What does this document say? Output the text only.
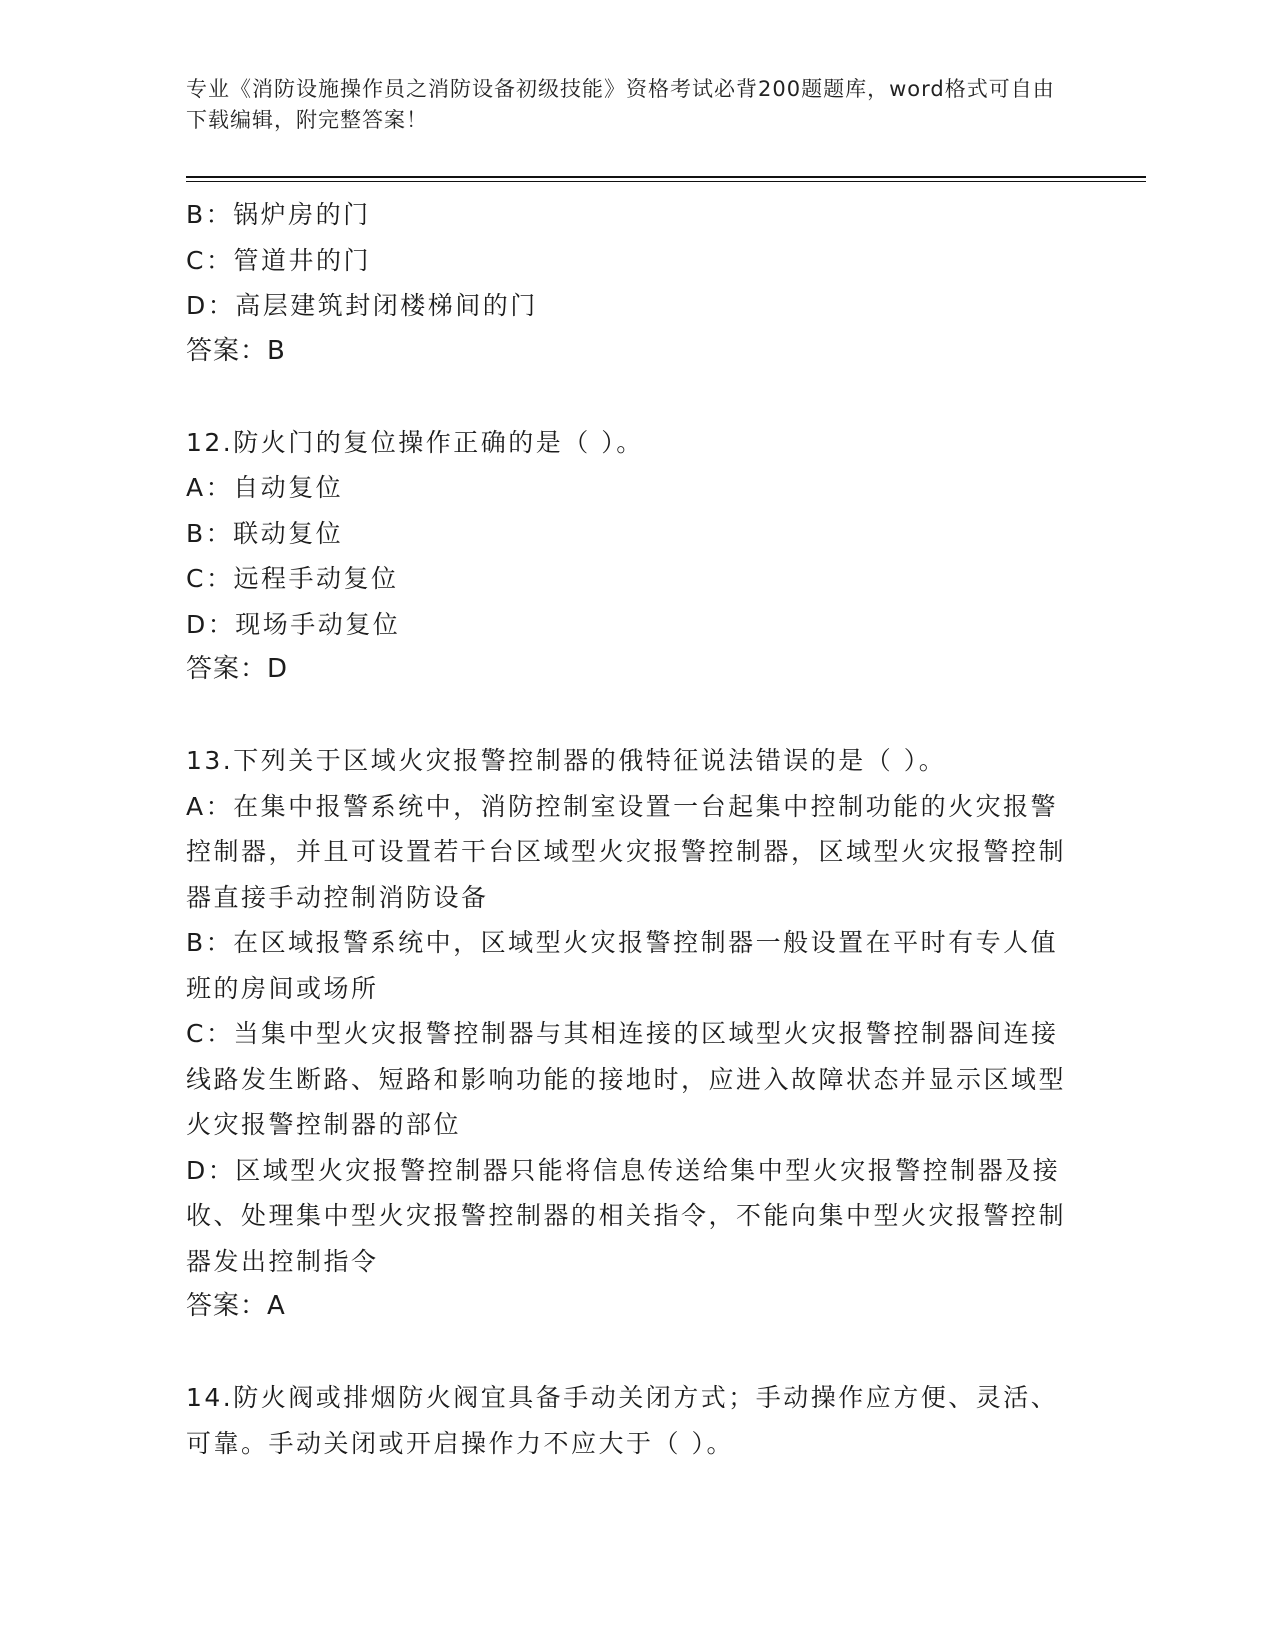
专业《消防设施操作员之消防设备初级技能》资格考试必背200题题库，word格式可自由下载编辑，附完整答案！
B：锅炉房的门
C：管道井的门
D：高层建筑封闭楼梯间的门
答案：B
12.防火门的复位操作正确的是（ ）。
A：自动复位
B：联动复位
C：远程手动复位
D：现场手动复位
答案：D
13.下列关于区域火灾报警控制器的俄特征说法错误的是（ ）。
A：在集中报警系统中，消防控制室设置一台起集中控制功能的火灾报警控制器，并且可设置若干台区域型火灾报警控制器，区域型火灾报警控制器直接手动控制消防设备
B：在区域报警系统中，区域型火灾报警控制器一般设置在平时有专人值班的房间或场所
C：当集中型火灾报警控制器与其相连接的区域型火灾报警控制器间连接线路发生断路、短路和影响功能的接地时，应进入故障状态并显示区域型火灾报警控制器的部位
D：区域型火灾报警控制器只能将信息传送给集中型火灾报警控制器及接收、处理集中型火灾报警控制器的相关指令，不能向集中型火灾报警控制器发出控制指令
答案：A
14.防火阀或排烟防火阀宜具备手动关闭方式；手动操作应方便、灵活、可靠。手动关闭或开启操作力不应大于（ ）。
